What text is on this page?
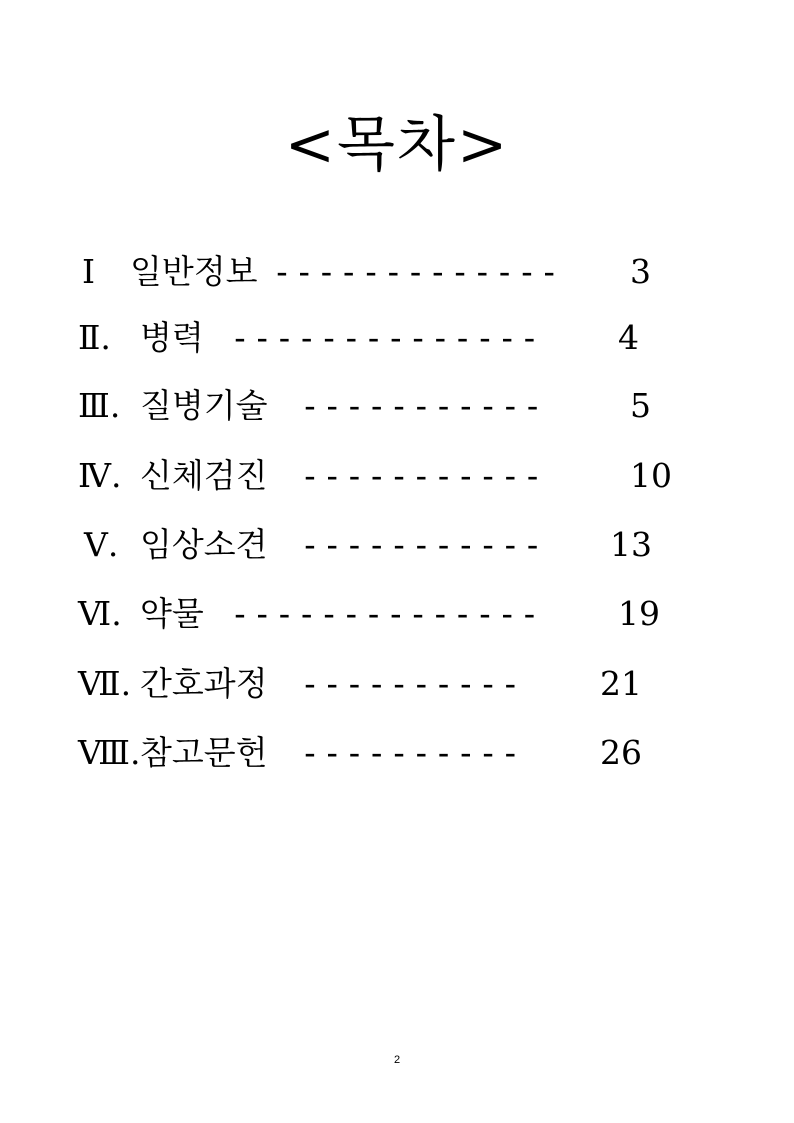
<목차>
Ⅰ 일반정보 ------------- 3
Ⅱ. 병력 -------------- 4
Ⅲ. 질병기술 -----------	5
Ⅳ. 신체검진 -----------	10
Ⅴ. 임상소견 ----------- 13
Ⅵ. 약물 -------------- 19
Ⅶ. 간호과정 ---------- 21
Ⅷ. 참고문헌 ---------- 26
2
